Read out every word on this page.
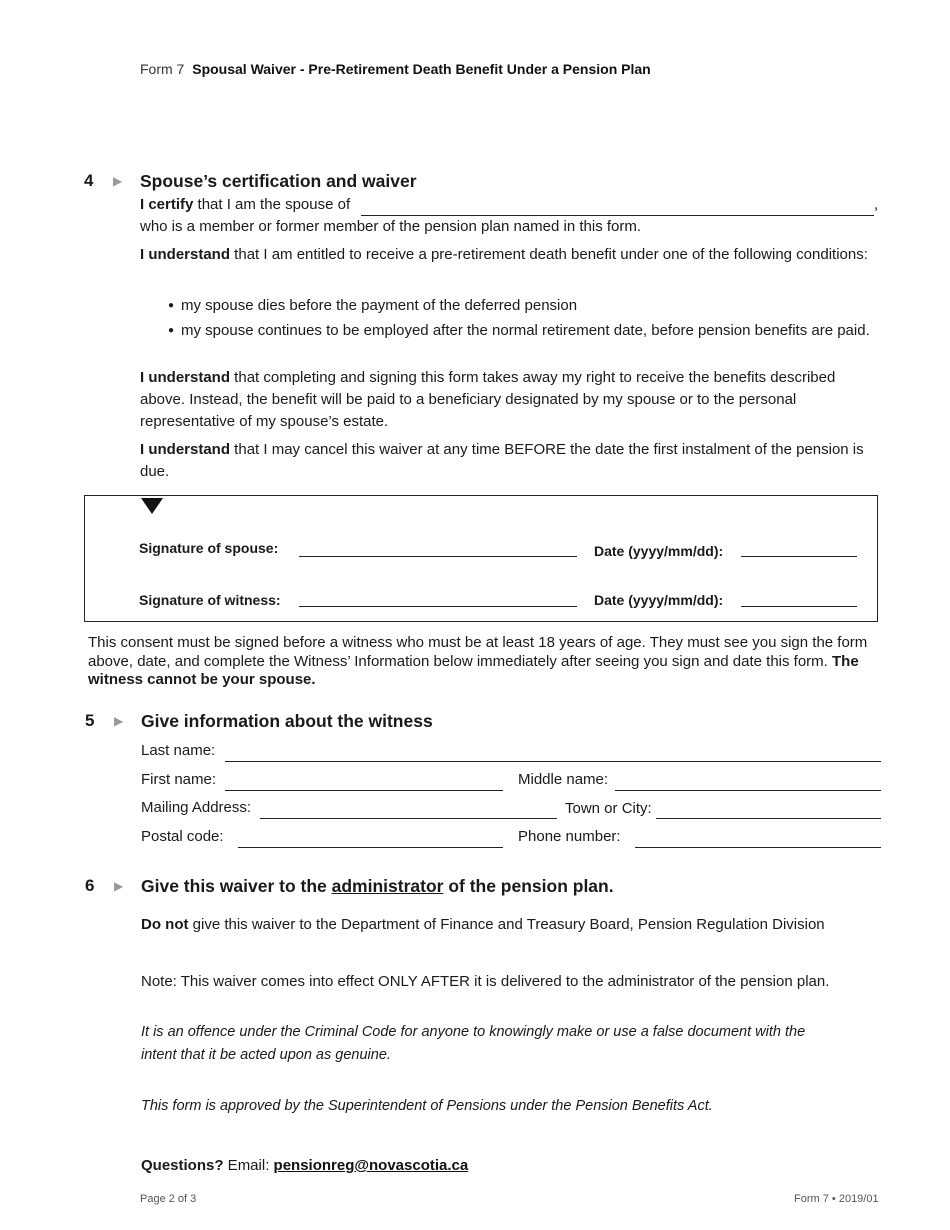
Form 7 Spousal Waiver - Pre-Retirement Death Benefit Under a Pension Plan
4 ▶ Spouse’s certification and waiver
I certify that I am the spouse of	,
who is a member or former member of the pension plan named in this form.
I understand that I am entitled to receive a pre-retirement death benefit under one of the following conditions:
● my spouse dies before the payment of the deferred pension
● my spouse continues to be employed after the normal retirement date, before pension benefits are paid.
I understand that completing and signing this form takes away my right to receive the benefits described above. Instead, the benefit will be paid to a beneficiary designated by my spouse or to the personal representative of my spouse’s estate.
I understand that I may cancel this waiver at any time BEFORE the date the first instalment of the pension is due.
Signature of spouse:	Date (yyyy/mm/dd):
Signature of witness:	Date (yyyy/mm/dd):
This consent must be signed before a witness who must be at least 18 years of age. They must see you sign the form above, date, and complete the Witness’ Information below immediately after seeing you sign and date this form. The witness cannot be your spouse.
5 ▶ Give information about the witness
Last name:
First name:	Middle name:
Mailing Address:	Town or City:
Postal code:	Phone number:
6 ▶ Give this waiver to the administrator of the pension plan.
Do not give this waiver to the Department of Finance and Treasury Board, Pension Regulation Division
Note: This waiver comes into effect ONLY AFTER it is delivered to the administrator of the pension plan.
It is an offence under the Criminal Code for anyone to knowingly make or use a false document with the intent that it be acted upon as genuine.
This form is approved by the Superintendent of Pensions under the Pension Benefits Act.
Questions? Email: pensionreg@novascotia.ca
Page 2 of 3	Form 7 • 2019/01
